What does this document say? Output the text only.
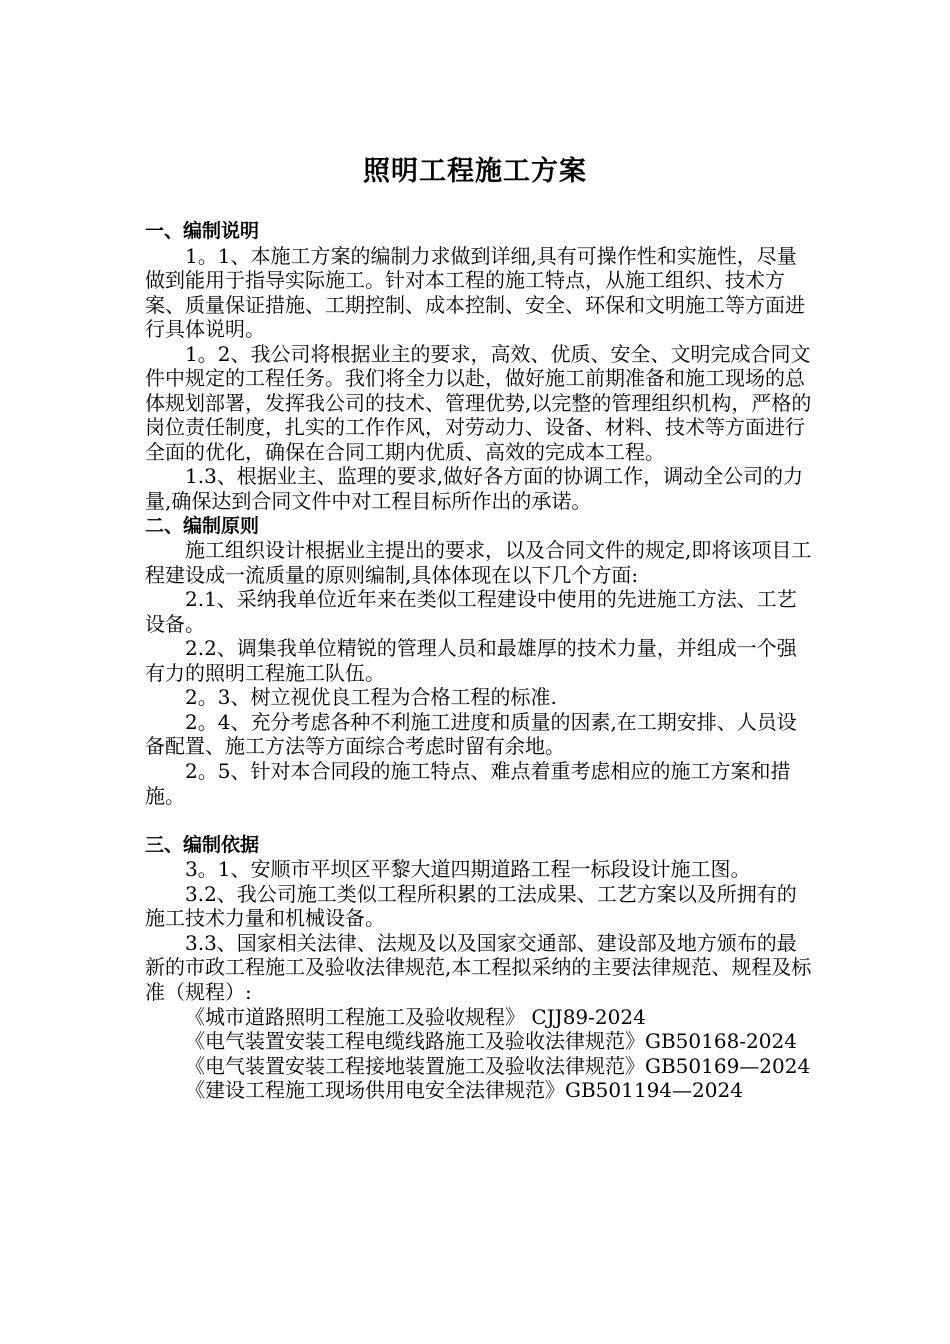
照明工程施工方案

一、编制说明

1。1、本施工方案的编制力求做到详细,具有可操作性和实施性，尽量做到能用于指导实际施工。针对本工程的施工特点，从施工组织、技术方案、质量保证措施、工期控制、成本控制、安全、环保和文明施工等方面进行具体说明。

1。2、我公司将根据业主的要求，高效、优质、安全、文明完成合同文件中规定的工程任务。我们将全力以赴，做好施工前期准备和施工现场的总体规划部署，发挥我公司的技术、管理优势,以完整的管理组织机构，严格的岗位责任制度，扎实的工作作风，对劳动力、设备、材料、技术等方面进行全面的优化，确保在合同工期内优质、高效的完成本工程。

1.3、根据业主、监理的要求,做好各方面的协调工作，调动全公司的力量,确保达到合同文件中对工程目标所作出的承诺。

二、编制原则

施工组织设计根据业主提出的要求，以及合同文件的规定,即将该项目工程建设成一流质量的原则编制,具体体现在以下几个方面:

2.1、采纳我单位近年来在类似工程建设中使用的先进施工方法、工艺设备。

2.2、调集我单位精锐的管理人员和最雄厚的技术力量，并组成一个强有力的照明工程施工队伍。

2。3、树立视优良工程为合格工程的标准.

2。4、充分考虑各种不利施工进度和质量的因素,在工期安排、人员设备配置、施工方法等方面综合考虑时留有余地。

2。5、针对本合同段的施工特点、难点着重考虑相应的施工方案和措施。

三、编制依据

3。1、安顺市平坝区平黎大道四期道路工程一标段设计施工图。

3.2、我公司施工类似工程所积累的工法成果、工艺方案以及所拥有的施工技术力量和机械设备。

3.3、国家相关法律、法规及以及国家交通部、建设部及地方颁布的最新的市政工程施工及验收法律规范,本工程拟采纳的主要法律规范、规程及标准（规程）:

《城市道路照明工程施工及验收规程》 CJJ89-2024

《电气装置安装工程电缆线路施工及验收法律规范》GB50168-2024

《电气装置安装工程接地装置施工及验收法律规范》GB50169—2024

《建设工程施工现场供用电安全法律规范》GB501194—2024
